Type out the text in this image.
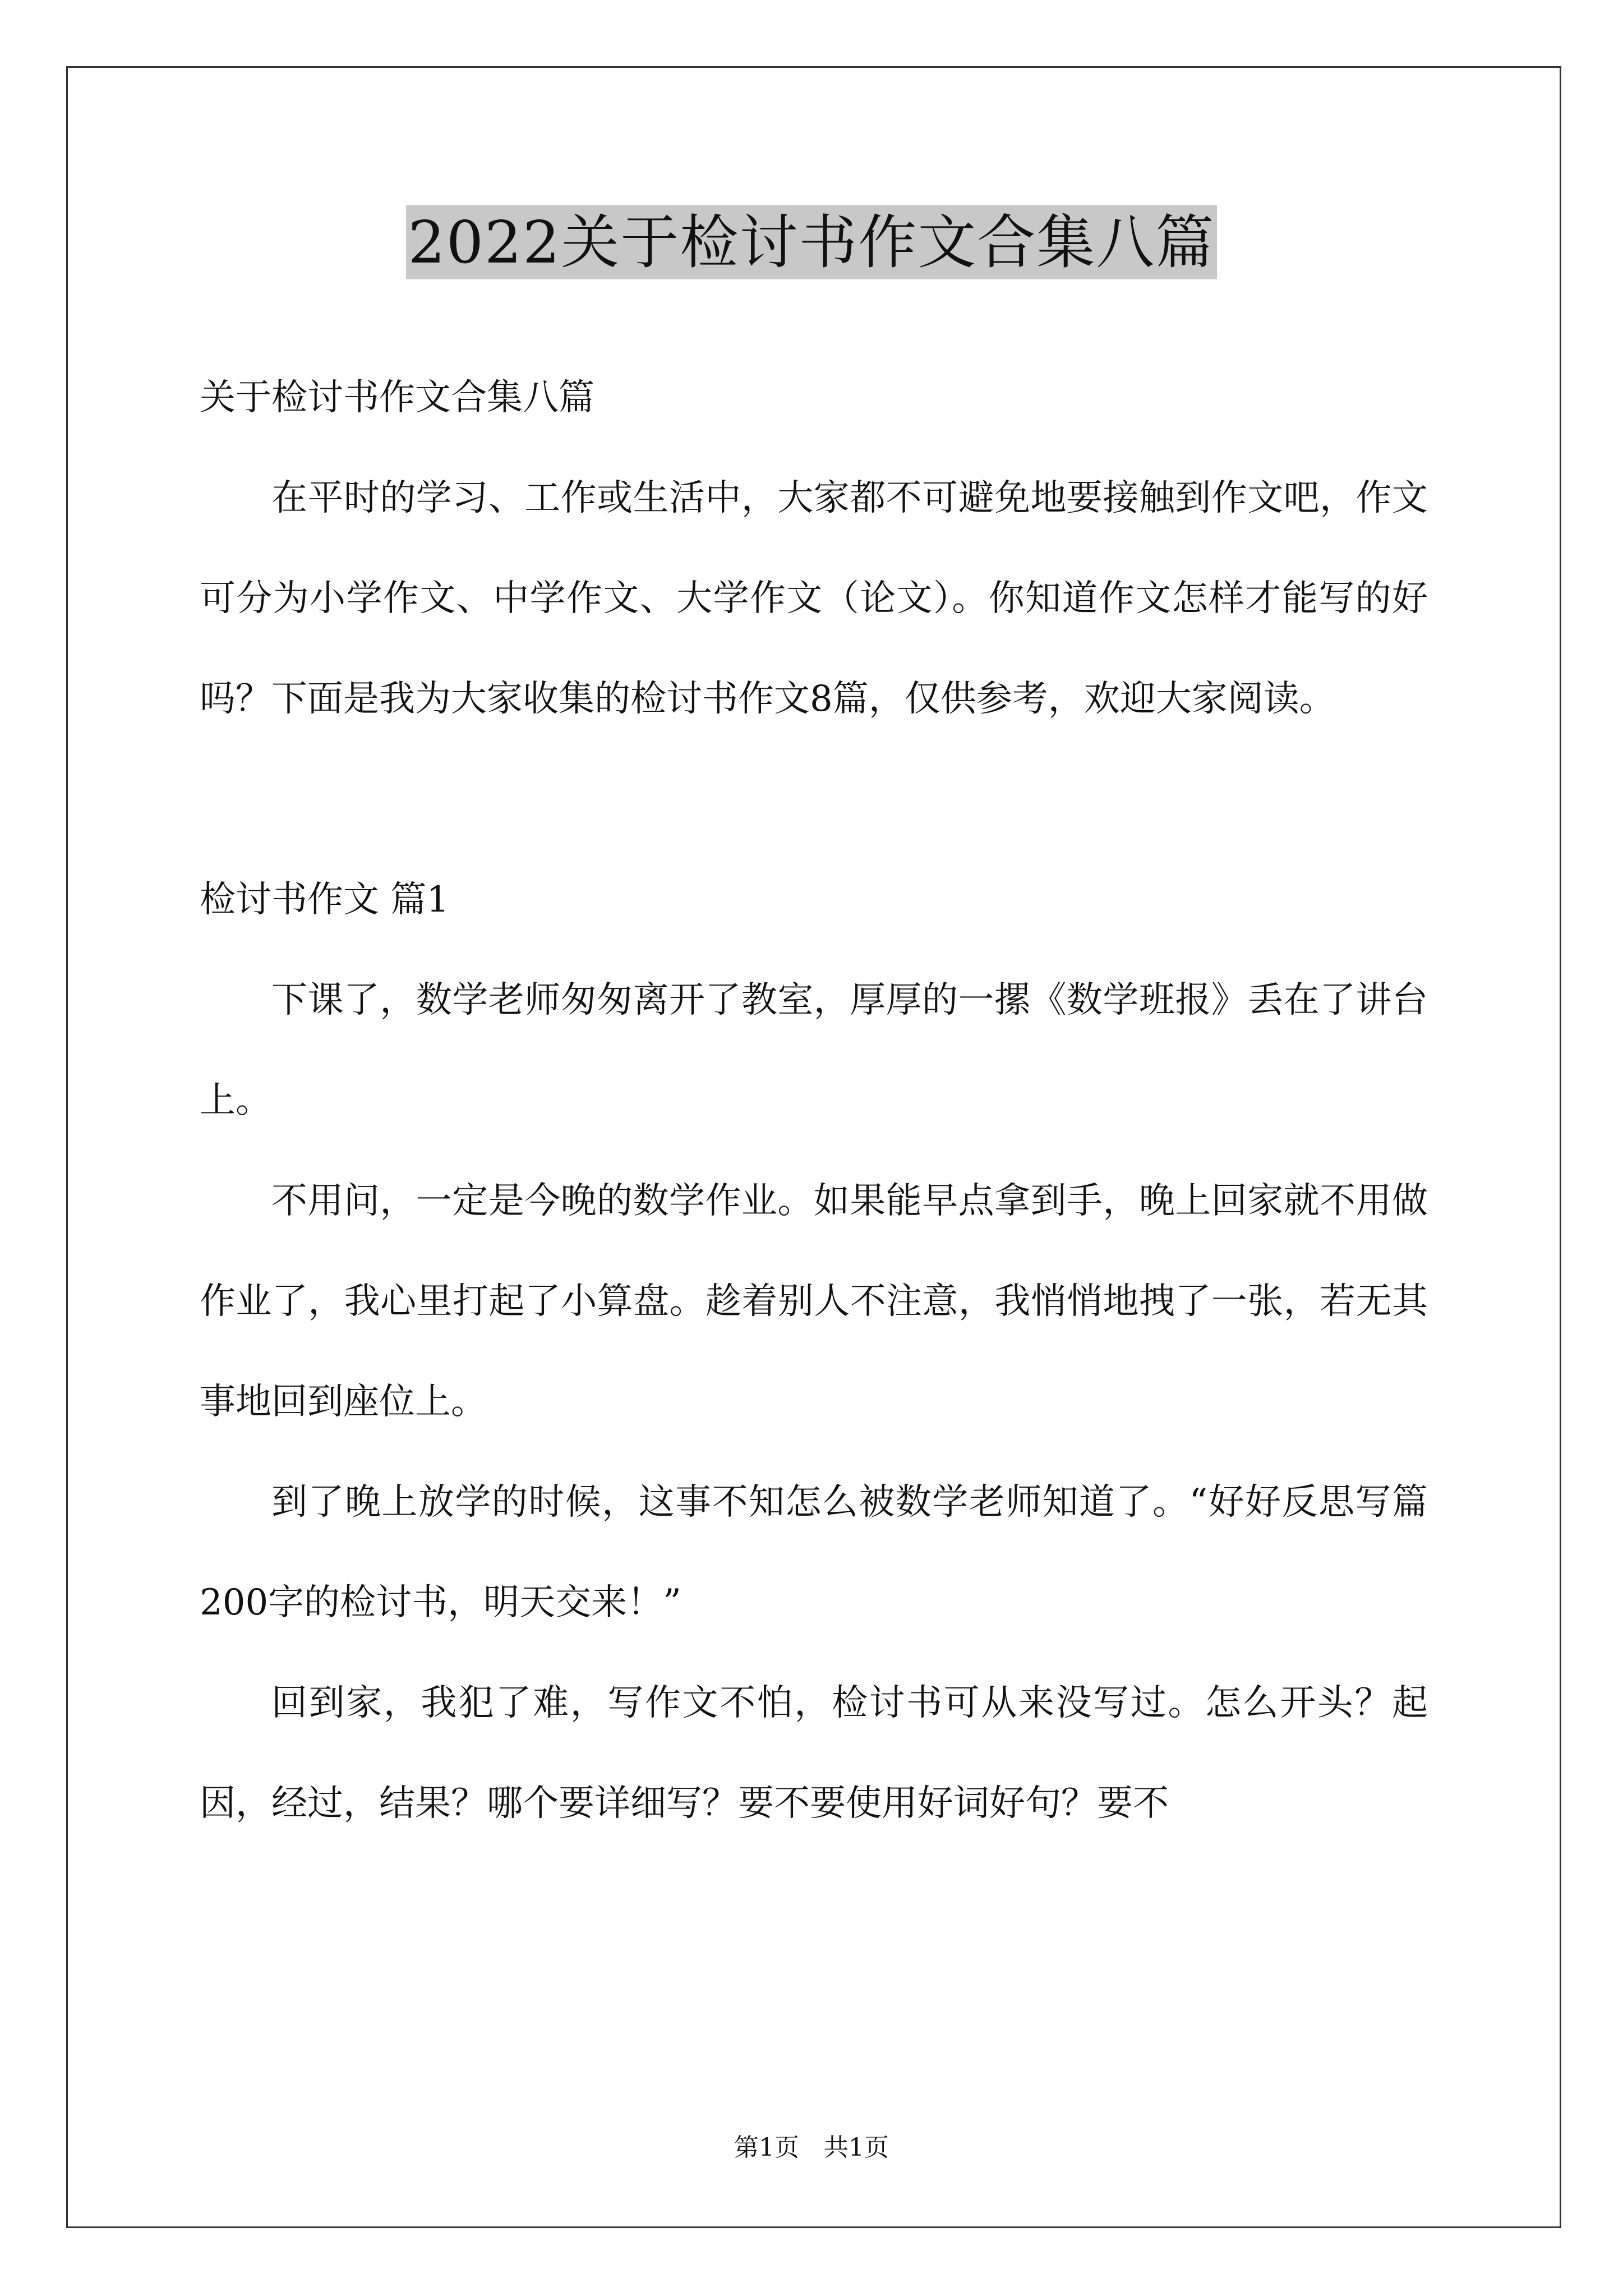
2022关于检讨书作文合集八篇

关于检讨书作文合集八篇

在平时的学习、工作或生活中，大家都不可避免地要接触到作文吧，作文可分为小学作文、中学作文、大学作文（论文）。你知道作文怎样才能写的好吗？下面是我为大家收集的检讨书作文8篇，仅供参考，欢迎大家阅读。

检讨书作文 篇1

下课了，数学老师匆匆离开了教室，厚厚的一摞《数学班报》丢在了讲台上。

不用问，一定是今晚的数学作业。如果能早点拿到手，晚上回家就不用做作业了，我心里打起了小算盘。趁着别人不注意，我悄悄地拽了一张，若无其事地回到座位上。

到了晚上放学的时候，这事不知怎么被数学老师知道了。“好好反思写篇200字的检讨书，明天交来！”

回到家，我犯了难，写作文不怕，检讨书可从来没写过。怎么开头？起因，经过，结果？哪个要详细写？要不要使用好词好句？要不

第1页　共1页
